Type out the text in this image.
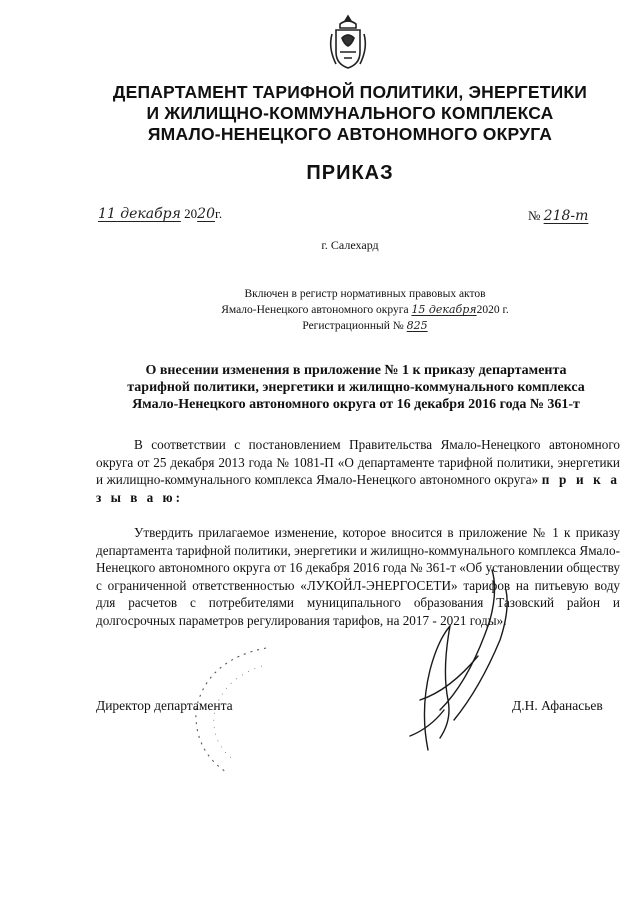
ДЕПАРТАМЕНТ ТАРИФНОЙ ПОЛИТИКИ, ЭНЕРГЕТИКИ
И ЖИЛИЩНО-КОММУНАЛЬНОГО КОМПЛЕКСА
ЯМАЛО-НЕНЕЦКОГО АВТОНОМНОГО ОКРУГА
ПРИКАЗ
11 декабря 2020г.	№ 218-т
г. Салехард
Включен в регистр нормативных правовых актов
Ямало-Ненецкого автономного округа 15 декабря2020 г.
Регистрационный № 825
О внесении изменения в приложение № 1 к приказу департамента
тарифной политики, энергетики и жилищно-коммунального комплекса
Ямало-Ненецкого автономного округа от 16 декабря 2016 года № 361-т
В соответствии с постановлением Правительства Ямало-Ненецкого автономного округа от 25 декабря 2013 года № 1081-П «О департаменте тарифной политики, энергетики и жилищно-коммунального комплекса Ямало-Ненецкого автономного округа» п р и к а з ы в а ю:
Утвердить прилагаемое изменение, которое вносится в приложение № 1 к приказу департамента тарифной политики, энергетики и жилищно-коммунального комплекса Ямало-Ненецкого автономного округа от 16 декабря 2016 года № 361-т «Об установлении обществу с ограниченной ответственностью «ЛУКОЙЛ-ЭНЕРГОСЕТИ» тарифов на питьевую воду для расчетов с потребителями муниципального образования Тазовский район и долгосрочных параметров регулирования тарифов, на 2017 - 2021 годы».
Директор департамента	Д.Н. Афанасьев
